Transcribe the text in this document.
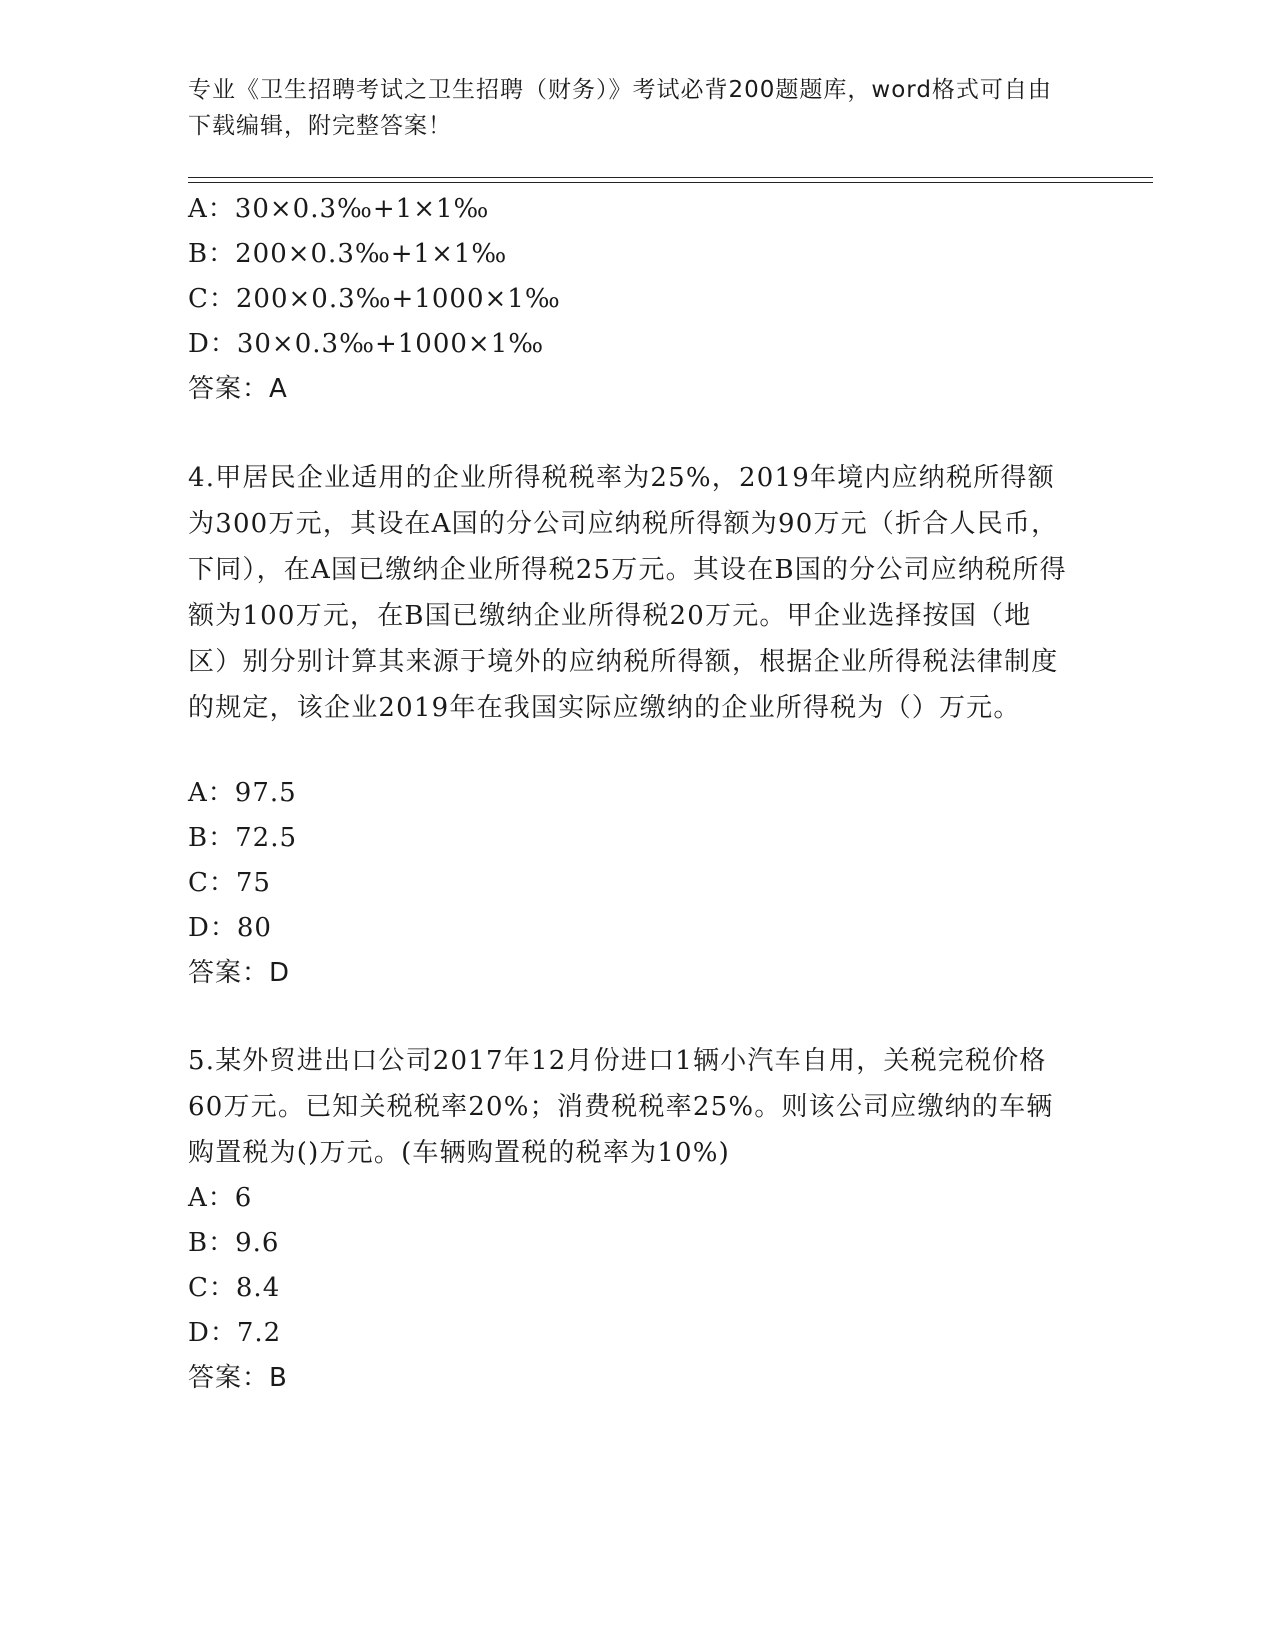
专业《卫生招聘考试之卫生招聘（财务）》考试必背200题题库，word格式可自由下载编辑，附完整答案！
A：30×0.3‰+1×1‰
B：200×0.3‰+1×1‰
C：200×0.3‰+1000×1‰
D：30×0.3‰+1000×1‰
答案：A
4.甲居民企业适用的企业所得税税率为25%，2019年境内应纳税所得额为300万元，其设在A国的分公司应纳税所得额为90万元（折合人民币，下同），在A国已缴纳企业所得税25万元。其设在B国的分公司应纳税所得额为100万元，在B国已缴纳企业所得税20万元。甲企业选择按国（地区）别分别计算其来源于境外的应纳税所得额，根据企业所得税法律制度的规定，该企业2019年在我国实际应缴纳的企业所得税为（）万元。
A：97.5
B：72.5
C：75
D：80
答案：D
5.某外贸进出口公司2017年12月份进口1辆小汽车自用，关税完税价格60万元。已知关税税率20%；消费税税率25%。则该公司应缴纳的车辆购置税为()万元。(车辆购置税的税率为10%)
A：6
B：9.6
C：8.4
D：7.2
答案：B
